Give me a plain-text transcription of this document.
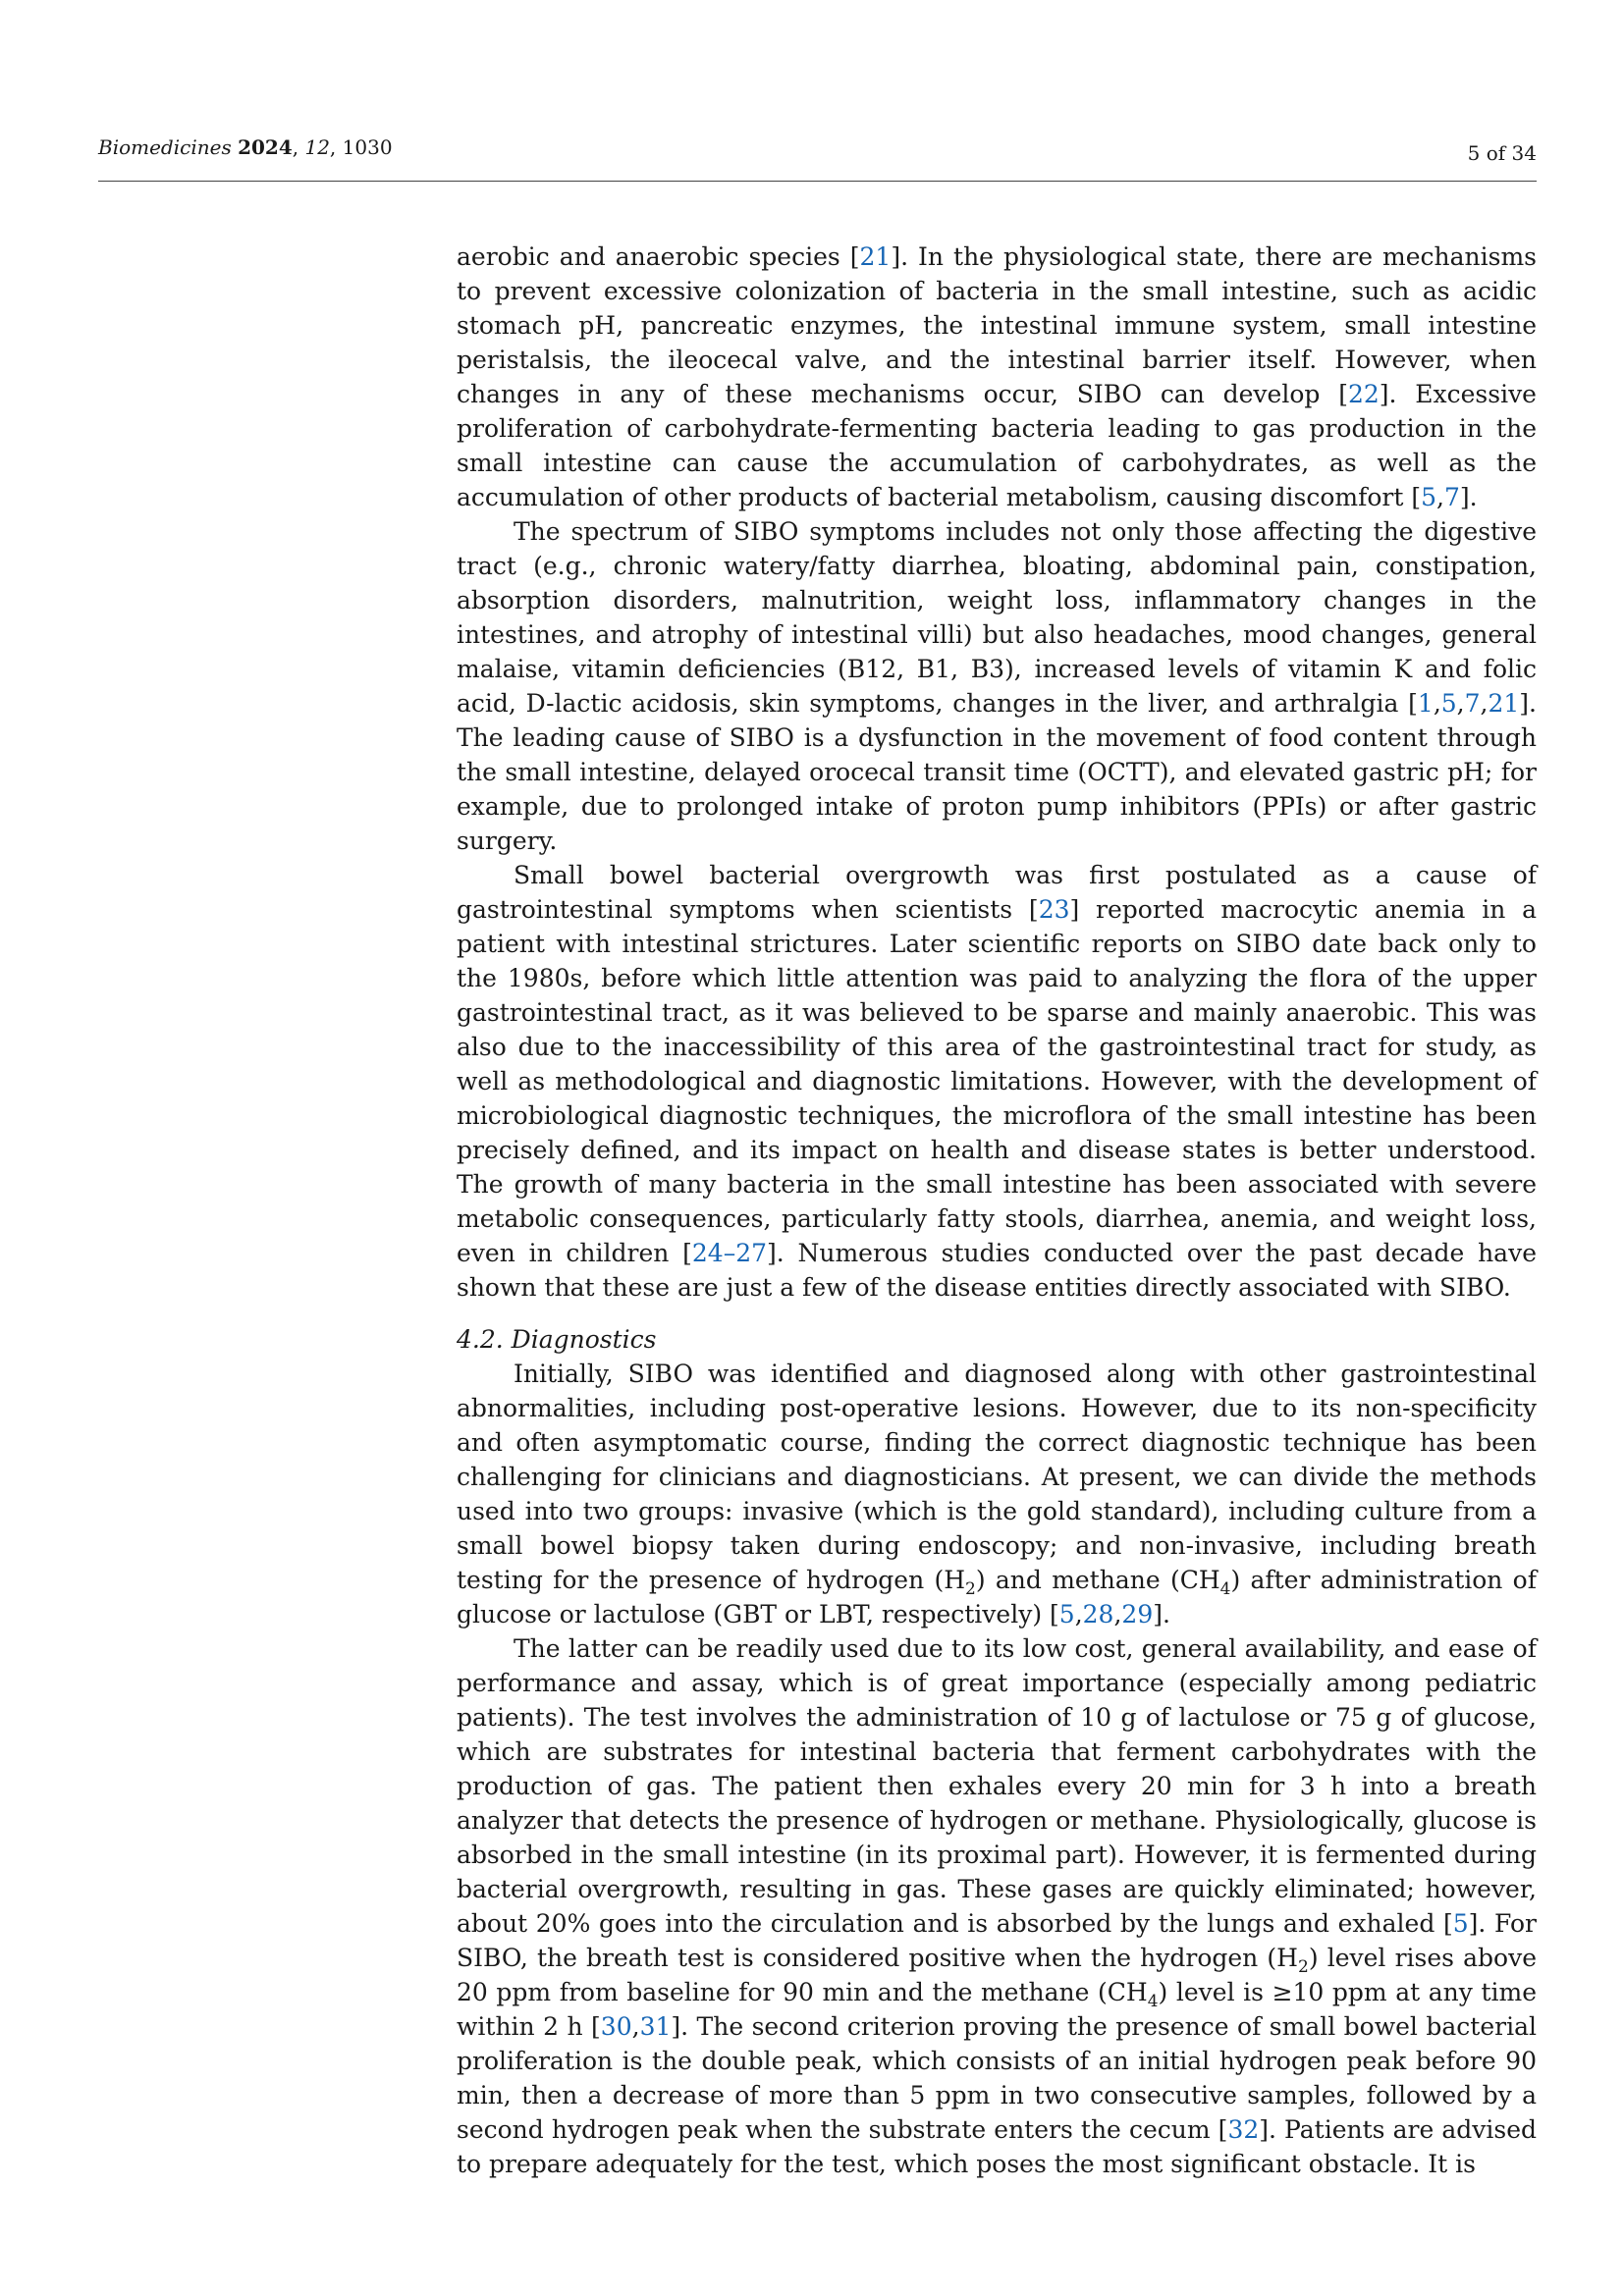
Biomedicines 2024, 12, 1030	5 of 34

aerobic and anaerobic species [21]. In the physiological state, there are mechanisms to prevent excessive colonization of bacteria in the small intestine, such as acidic stomach pH, pancreatic enzymes, the intestinal immune system, small intestine peristalsis, the ileocecal valve, and the intestinal barrier itself. However, when changes in any of these mechanisms occur, SIBO can develop [22]. Excessive proliferation of carbohydrate-fermenting bacteria leading to gas production in the small intestine can cause the accumulation of carbohydrates, as well as the accumulation of other products of bacterial metabolism, causing discomfort [5,7].

The spectrum of SIBO symptoms includes not only those affecting the digestive tract (e.g., chronic watery/fatty diarrhea, bloating, abdominal pain, constipation, absorption disorders, malnutrition, weight loss, inflammatory changes in the intestines, and atrophy of intestinal villi) but also headaches, mood changes, general malaise, vitamin deficiencies (B12, B1, B3), increased levels of vitamin K and folic acid, D-lactic acidosis, skin symptoms, changes in the liver, and arthralgia [1,5,7,21]. The leading cause of SIBO is a dysfunction in the movement of food content through the small intestine, delayed orocecal transit time (OCTT), and elevated gastric pH; for example, due to prolonged intake of proton pump inhibitors (PPIs) or after gastric surgery.

Small bowel bacterial overgrowth was first postulated as a cause of gastrointestinal symptoms when scientists [23] reported macrocytic anemia in a patient with intestinal strictures. Later scientific reports on SIBO date back only to the 1980s, before which little attention was paid to analyzing the flora of the upper gastrointestinal tract, as it was believed to be sparse and mainly anaerobic. This was also due to the inaccessibility of this area of the gastrointestinal tract for study, as well as methodological and diagnostic limitations. However, with the development of microbiological diagnostic techniques, the microflora of the small intestine has been precisely defined, and its impact on health and disease states is better understood. The growth of many bacteria in the small intestine has been associated with severe metabolic consequences, particularly fatty stools, diarrhea, anemia, and weight loss, even in children [24–27]. Numerous studies conducted over the past decade have shown that these are just a few of the disease entities directly associated with SIBO.

4.2. Diagnostics

Initially, SIBO was identified and diagnosed along with other gastrointestinal abnormalities, including post-operative lesions. However, due to its non-specificity and often asymptomatic course, finding the correct diagnostic technique has been challenging for clinicians and diagnosticians. At present, we can divide the methods used into two groups: invasive (which is the gold standard), including culture from a small bowel biopsy taken during endoscopy; and non-invasive, including breath testing for the presence of hydrogen $(H_2)$ and methane $(CH_4)$ after administration of glucose or lactulose (GBT or LBT, respectively) [5,28,29].

The latter can be readily used due to its low cost, general availability, and ease of performance and assay, which is of great importance (especially among pediatric patients). The test involves the administration of 10 g of lactulose or 75 g of glucose, which are substrates for intestinal bacteria that ferment carbohydrates with the production of gas. The patient then exhales every 20 min for 3 h into a breath analyzer that detects the presence of hydrogen or methane. Physiologically, glucose is absorbed in the small intestine (in its proximal part). However, it is fermented during bacterial overgrowth, resulting in gas. These gases are quickly eliminated; however, about 20% goes into the circulation and is absorbed by the lungs and exhaled [5]. For SIBO, the breath test is considered positive when the hydrogen $(H_2)$ level rises above 20 ppm from baseline for 90 min and the methane $(CH_4)$ level is ≥10 ppm at any time within 2 h [30,31]. The second criterion proving the presence of small bowel bacterial proliferation is the double peak, which consists of an initial hydrogen peak before 90 min, then a decrease of more than 5 ppm in two consecutive samples, followed by a second hydrogen peak when the substrate enters the cecum [32]. Patients are advised to prepare adequately for the test, which poses the most significant obstacle. It is
